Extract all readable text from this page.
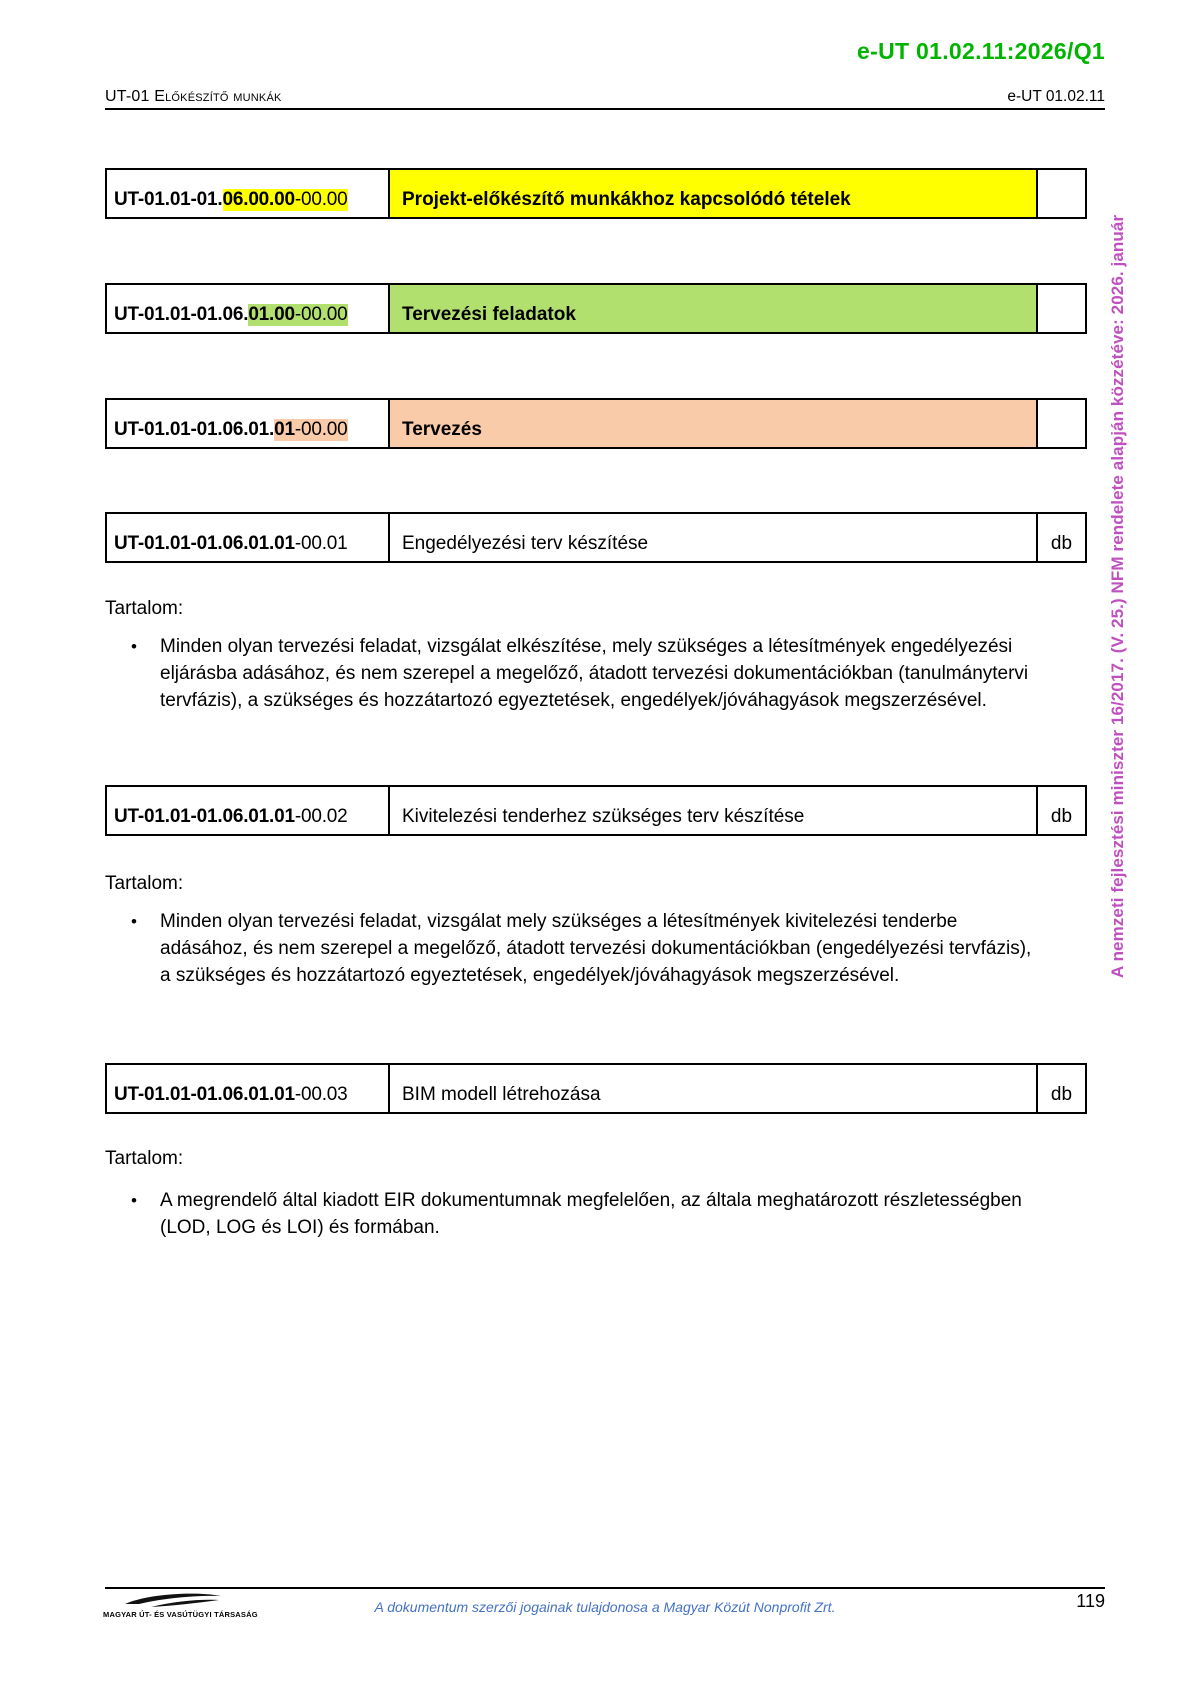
e-UT 01.02.11:2026/Q1
UT-01 Előkészítő munkák	e-UT 01.02.11
A nemzeti fejlesztési miniszter 16/2017. (V. 25.) NFM rendelete alapján közzétéve: 2026. január
UT-01.01-01. 06.00.00-00.00	Projekt-előkészítő munkákhoz kapcsolódó tételek
UT-01.01-01.06. 01.00-00.00	Tervezési feladatok
UT-01.01-01.06.01. 01-00.00	Tervezés
UT-01.01-01.06.01.01 -00.01	Engedélyezési terv készítése	db
Tartalom:
•	Minden olyan tervezési feladat, vizsgálat elkészítése, mely szükséges a létesítmények engedélyezési eljárásba adásához, és nem szerepel a megelőző, átadott tervezési dokumentációkban (tanulmánytervi tervfázis), a szükséges és hozzátartozó egyeztetések, engedélyek/jóváhagyások megszerzésével.
UT-01.01-01.06.01.01 -00.02	Kivitelezési tenderhez szükséges terv készítése	db
Tartalom:
•	Minden olyan tervezési feladat, vizsgálat mely szükséges a létesítmények kivitelezési tenderbe adásához, és nem szerepel a megelőző, átadott tervezési dokumentációkban (engedélyezési tervfázis), a szükséges és hozzátartozó egyeztetések, engedélyek/jóváhagyások megszerzésével.
UT-01.01-01.06.01.01 -00.03	BIM modell létrehozása	db
Tartalom:
•	A megrendelő által kiadott EIR dokumentumnak megfelelően, az általa meghatározott részletességben (LOD, LOG és LOI) és formában.
MAGYAR ÚT- ÉS VASÚTÜGYI TÁRSASÁG	A dokumentum szerzői jogainak tulajdonosa a Magyar Közút Nonprofit Zrt.	119
